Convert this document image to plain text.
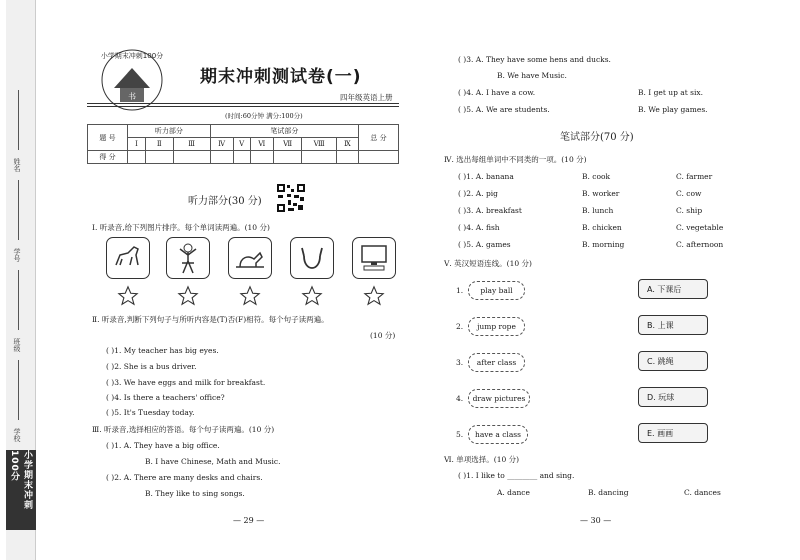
姓名
学号
班级
学校
小学期末冲刺100分
小学期末冲刺100分
书
期末冲刺测试卷(一)
四年级英语上册
(时间:60分钟 满分:100分)
题 号	听力部分			笔试部分						总 分
	Ⅰ	Ⅱ	Ⅲ	Ⅳ	Ⅴ	Ⅵ	Ⅶ	Ⅷ	Ⅸ	
得 分										
听力部分(30 分)
Ⅰ. 听录音,给下列图片排序。每个单词读两遍。(10 分)
Ⅱ. 听录音,判断下列句子与所听内容是(T)否(F)相符。每个句子读两遍。
(10 分)
( )1. My teacher has big eyes.
( )2. She is a bus driver.
( )3. We have eggs and milk for breakfast.
( )4. Is there a teachers' office?
( )5. It's Tuesday today.
Ⅲ. 听录音,选择相应的答语。每个句子读两遍。(10 分)
( )1. A. They have a big office.
B. I have Chinese, Math and Music.
( )2. A. There are many desks and chairs.
B. They like to sing songs.
— 29 —
( )3. A. They have some hens and ducks.
B. We have Music.
( )4. A. I have a cow.	B. I get up at six.
( )5. A. We are students.	B. We play games.
笔试部分(70 分)
Ⅳ. 选出每组单词中不同类的一项。(10 分)
( )1. A. banana	B. cook	C. farmer
( )2. A. pig	B. worker	C. cow
( )3. A. breakfast	B. lunch	C. ship
( )4. A. fish	B. chicken	C. vegetable
( )5. A. games	B. morning	C. afternoon
Ⅴ. 英汉短语连线。(10 分)
1.	play ball	A. 下课后
2.	jump rope	B. 上课
3.	after class	C. 跳绳
4.	draw pictures	D. 玩球
5.	have a class	E. 画画
Ⅵ. 单项选择。(10 分)
( )1. I like to ________ and sing.
A. dance	B. dancing	C. dances
— 30 —
